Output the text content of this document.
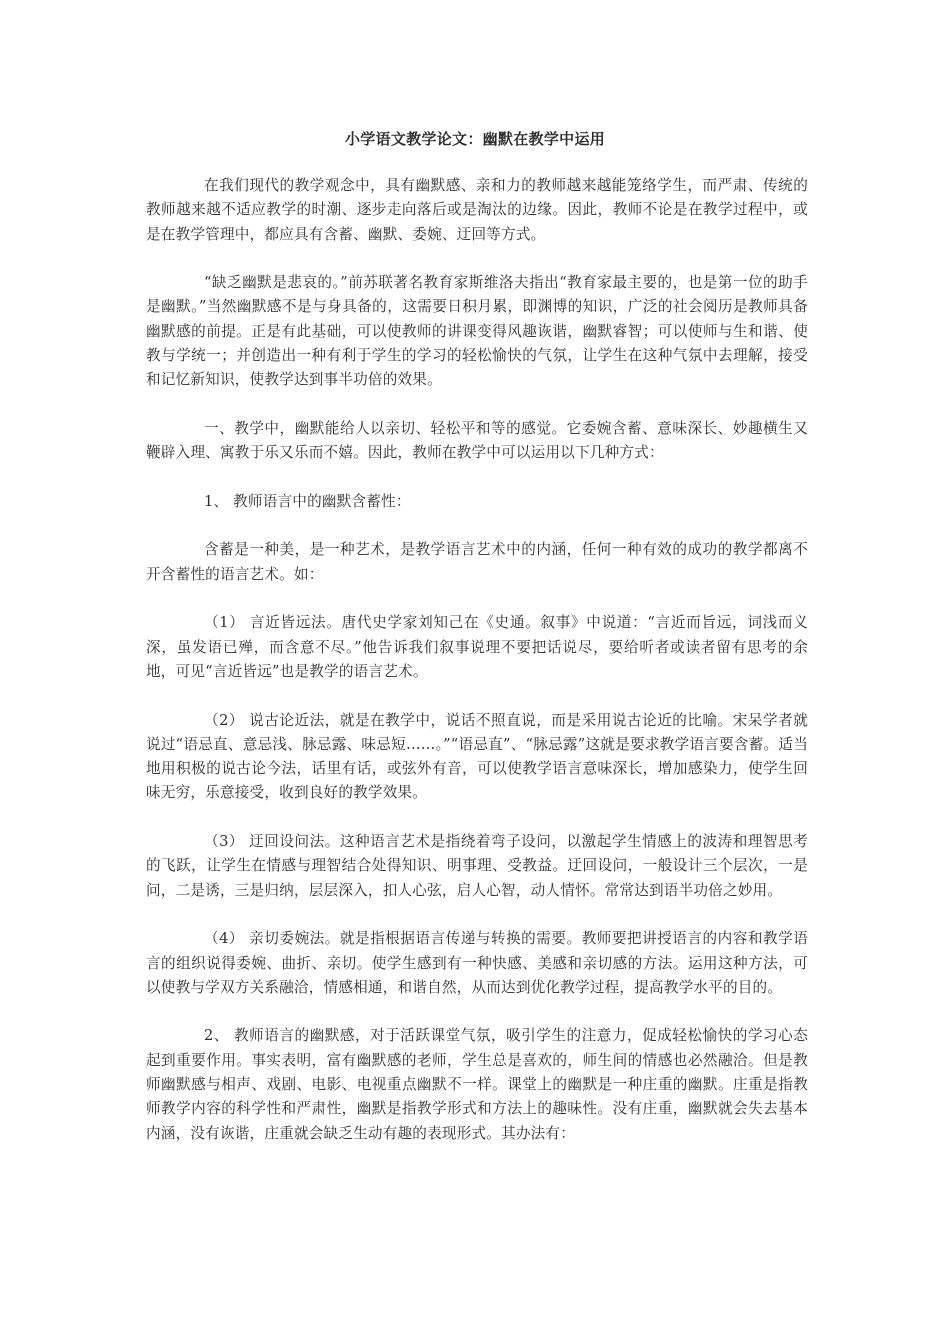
小学语文教学论文：幽默在教学中运用

在我们现代的教学观念中，具有幽默感、亲和力的教师越来越能笼络学生，而严肃、传统的教师越来越不适应教学的时潮、逐步走向落后或是淘汰的边缘。因此，教师不论是在教学过程中，或是在教学管理中，都应具有含蓄、幽默、委婉、迂回等方式。

“缺乏幽默是悲哀的。”前苏联著名教育家斯维洛夫指出“教育家最主要的，也是第一位的助手是幽默。”当然幽默感不是与身具备的，这需要日积月累，即渊博的知识，广泛的社会阅历是教师具备幽默感的前提。正是有此基础，可以使教师的讲课变得风趣诙谐，幽默睿智；可以使师与生和谐、使教与学统一；并创造出一种有利于学生的学习的轻松愉快的气氛，让学生在这种气氛中去理解，接受和记忆新知识，使教学达到事半功倍的效果。

一、教学中，幽默能给人以亲切、轻松平和等的感觉。它委婉含蓄、意味深长、妙趣横生又鞭辟入理、寓教于乐又乐而不嬉。因此，教师在教学中可以运用以下几种方式：

1、 教师语言中的幽默含蓄性：

含蓄是一种美，是一种艺术，是教学语言艺术中的内涵，任何一种有效的成功的教学都离不开含蓄性的语言艺术。如：

（1） 言近皆远法。唐代史学家刘知己在《史通。叙事》中说道：“言近而旨远，词浅而义深，虽发语已殚，而含意不尽。”他告诉我们叙事说理不要把话说尽，要给听者或读者留有思考的余地，可见“言近皆远”也是教学的语言艺术。

（2） 说古论近法，就是在教学中，说话不照直说，而是采用说古论近的比喻。宋呆学者就说过“语忌直、意忌浅、脉忌露、味忌短……。”“语忌直”、“脉忌露”这就是要求教学语言要含蓄。适当地用积极的说古论今法，话里有话，或弦外有音，可以使教学语言意味深长，增加感染力，使学生回味无穷，乐意接受，收到良好的教学效果。

（3） 迂回设问法。这种语言艺术是指绕着弯子设问，以激起学生情感上的波涛和理智思考的飞跃，让学生在情感与理智结合处得知识、明事理、受教益。迂回设问，一般设计三个层次，一是问，二是诱，三是归纳，层层深入，扣人心弦，启人心智，动人情怀。常常达到语半功倍之妙用。

（4） 亲切委婉法。就是指根据语言传递与转换的需要。教师要把讲授语言的内容和教学语言的组织说得委婉、曲折、亲切。使学生感到有一种快感、美感和亲切感的方法。运用这种方法，可以使教与学双方关系融洽，情感相通，和谐自然，从而达到优化教学过程，提高教学水平的目的。

2、 教师语言的幽默感，对于活跃课堂气氛，吸引学生的注意力，促成轻松愉快的学习心态起到重要作用。事实表明，富有幽默感的老师，学生总是喜欢的，师生间的情感也必然融洽。但是教师幽默感与相声、戏剧、电影、电视重点幽默不一样。课堂上的幽默是一种庄重的幽默。庄重是指教师教学内容的科学性和严肃性，幽默是指教学形式和方法上的趣味性。没有庄重，幽默就会失去基本内涵，没有诙谐，庄重就会缺乏生动有趣的表现形式。其办法有：
